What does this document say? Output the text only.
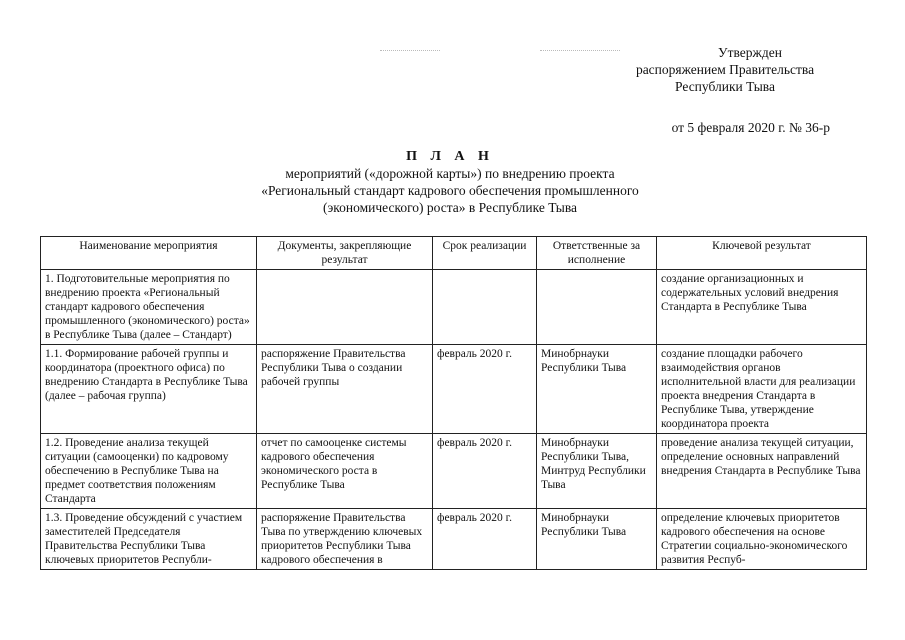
Утвержден
распоряжением Правительства
Республики Тыва
от 5 февраля 2020 г. № 36-р
П Л А Н
мероприятий («дорожной карты») по внедрению проекта
«Региональный стандарт кадрового обеспечения промышленного
(экономического) роста» в Республике Тыва
Наименование мероприятия	Документы, закрепляющие результат	Срок реализации	Ответственные за исполнение	Ключевой результат
1. Подготовительные мероприятия по внедрению проекта «Региональный стандарт кадрового обеспечения промышленного (экономического) роста» в Республике Тыва (далее – Стандарт)				создание организационных и содержательных условий внедрения Стандарта в Республике Тыва
1.1. Формирование рабочей группы и координатора (проектного офиса) по внедрению Стандарта в Республике Тыва (далее – рабочая группа)	распоряжение Правительства Республики Тыва о создании рабочей группы	февраль 2020 г.	Минобрнауки Республики Тыва	создание площадки рабочего взаимодействия органов исполнительной власти для реализации проекта внедрения Стандарта в Республике Тыва, утверждение координатора проекта
1.2. Проведение анализа текущей ситуации (самооценки) по кадровому обеспечению в Республике Тыва на предмет соответствия положениям Стандарта	отчет по самооценке системы кадрового обеспечения экономического роста в Республике Тыва	февраль 2020 г.	Минобрнауки Республики Тыва, Минтруд Республики Тыва	проведение анализа текущей ситуации, определение основных направлений внедрения Стандарта в Республике Тыва
1.3. Проведение обсуждений с участием заместителей Председателя Правительства Республики Тыва ключевых приоритетов Республи-	распоряжение Правительства Тыва по утверждению ключевых приоритетов Республики Тыва кадрового обеспечения в	февраль 2020 г.	Минобрнауки Республики Тыва	определение ключевых приоритетов кадрового обеспечения на основе Стратегии социально-экономического развития Респуб-
